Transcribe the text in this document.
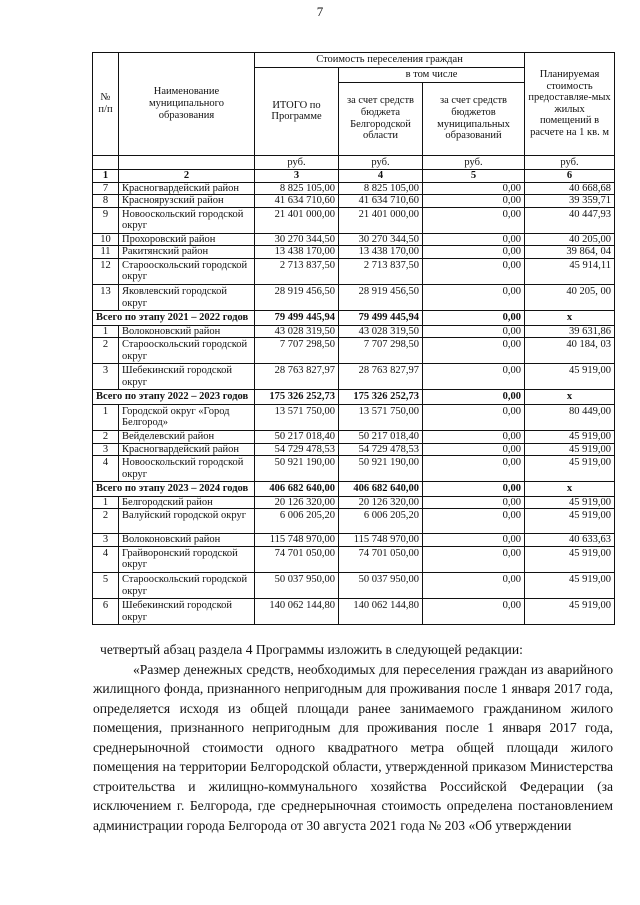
7
№ п/п	Наименование муниципального образования	Стоимость переселения граждан			Планируемая стоимость предоставляе-мых жилых помещений в расчете на 1 кв. м
		ИТОГО по Программе	в том числе		
			за счет средств бюджета Белгородской области	за счет средств бюджетов муниципальных образований	
		руб.	руб.	руб.	руб.
1	2	3	4	5	6
7	Красногвардейский район	8 825 105,00	8 825 105,00	0,00	40 668,68
8	Красноярузский район	41 634 710,60	41 634 710,60	0,00	39 359,71
9	Новооскольский городской округ	21 401 000,00	21 401 000,00	0,00	40 447,93
10	Прохоровский район	30 270 344,50	30 270 344,50	0,00	40 205,00
11	Ракитянский район	13 438 170,00	13 438 170,00	0,00	39 864, 04
12	Старооскольский городской округ	2 713 837,50	2 713 837,50	0,00	45 914,11
13	Яковлевский городской округ	28 919 456,50	28 919 456,50	0,00	40 205, 00
Всего по этапу 2021 – 2022 годов		79 499 445,94	79 499 445,94	0,00	х
1	Волоконовский район	43 028 319,50	43 028 319,50	0,00	39 631,86
2	Старооскольский городской округ	7 707 298,50	7 707 298,50	0,00	40 184, 03
3	Шебекинский городской округ	28 763 827,97	28 763 827,97	0,00	45 919,00
Всего по этапу 2022 – 2023 годов		175 326 252,73	175 326 252,73	0,00	х
1	Городской округ «Город Белгород»	13 571 750,00	13 571 750,00	0,00	80 449,00
2	Вейделевский район	50 217 018,40	50 217 018,40	0,00	45 919,00
3	Красногвардейский район	54 729 478,53	54 729 478,53	0,00	45 919,00
4	Новооскольский городской округ	50 921 190,00	50 921 190,00	0,00	45 919,00
Всего по этапу 2023 – 2024 годов		406 682 640,00	406 682 640,00	0,00	х
1	Белгородский район	20 126 320,00	20 126 320,00	0,00	45 919,00
2	Валуйский городской округ	6 006 205,20	6 006 205,20	0,00	45 919,00
3	Волоконовский район	115 748 970,00	115 748 970,00	0,00	40 633,63
4	Грайворонский городской округ	74 701 050,00	74 701 050,00	0,00	45 919,00
5	Старооскольский городской округ	50 037 950,00	50 037 950,00	0,00	45 919,00
6	Шебекинский городской округ	140 062 144,80	140 062 144,80	0,00	45 919,00

четвертый абзац раздела 4 Программы изложить в следующей редакции:

«Размер денежных средств, необходимых для переселения граждан из аварийного жилищного фонда, признанного непригодным для проживания после 1 января 2017 года, определяется исходя из общей площади ранее занимаемого гражданином жилого помещения, признанного непригодным для проживания после 1 января 2017 года, среднерыночной стоимости одного квадратного метра общей площади жилого помещения на территории Белгородской области, утвержденной приказом Министерства строительства и жилищно-коммунального хозяйства Российской Федерации (за исключением г. Белгорода, где среднерыночная стоимость определена постановлением администрации города Белгорода от 30 августа 2021 года № 203 «Об утверждении
